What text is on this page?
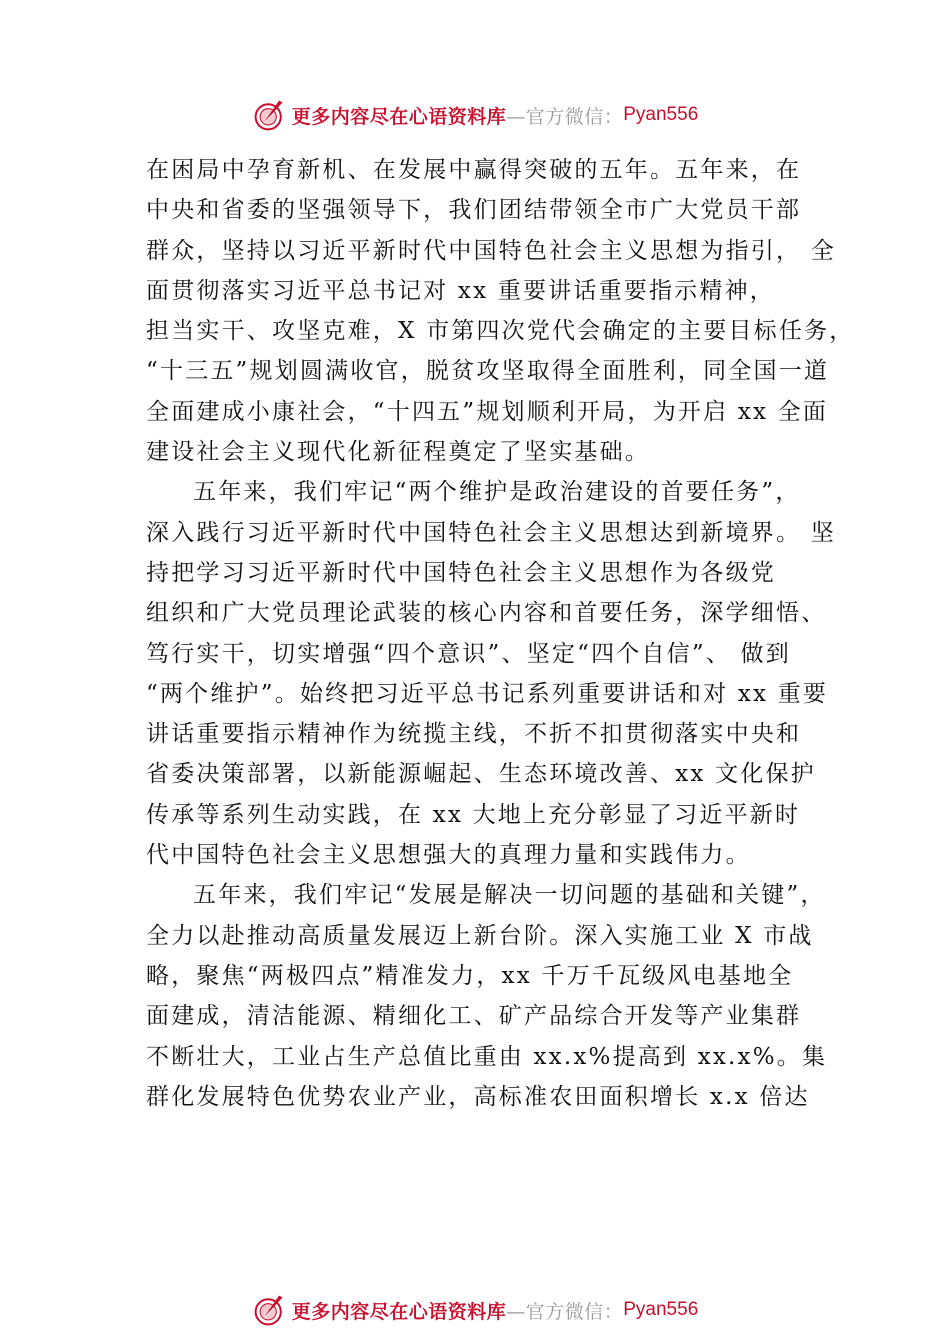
更多内容尽在心语资料库 —官方微信： Pyan556
在困局中孕育新机、在发展中赢得突破的五年。五年来，在
中央和省委的坚强领导下，我们团结带领全市广大党员干部
群众，坚持以习近平新时代中国特色社会主义思想为指引， 全
面贯彻落实习近平总书记对 xx 重要讲话重要指示精神，
担当实干、攻坚克难，X 市第四次党代会确定的主要目标任务，
“十三五”规划圆满收官，脱贫攻坚取得全面胜利，同全国一道
全面建成小康社会，“十四五”规划顺利开局，为开启 xx 全面
建设社会主义现代化新征程奠定了坚实基础。
五年来，我们牢记“两个维护是政治建设的首要任务”，
深入践行习近平新时代中国特色社会主义思想达到新境界。 坚
持把学习习近平新时代中国特色社会主义思想作为各级党
组织和广大党员理论武装的核心内容和首要任务，深学细悟、
笃行实干，切实增强“四个意识”、坚定“四个自信”、 做到
“两个维护”。始终把习近平总书记系列重要讲话和对 xx 重要
讲话重要指示精神作为统揽主线，不折不扣贯彻落实中央和
省委决策部署，以新能源崛起、生态环境改善、xx 文化保护
传承等系列生动实践，在 xx 大地上充分彰显了习近平新时
代中国特色社会主义思想强大的真理力量和实践伟力。
五年来，我们牢记“发展是解决一切问题的基础和关键”，
全力以赴推动高质量发展迈上新台阶。深入实施工业 X 市战
略，聚焦“两极四点”精准发力，xx 千万千瓦级风电基地全
面建成，清洁能源、精细化工、矿产品综合开发等产业集群
不断壮大，工业占生产总值比重由 xx.x%提高到 xx.x%。集
群化发展特色优势农业产业，高标准农田面积增长 x.x 倍达
更多内容尽在心语资料库 —官方微信： Pyan556
